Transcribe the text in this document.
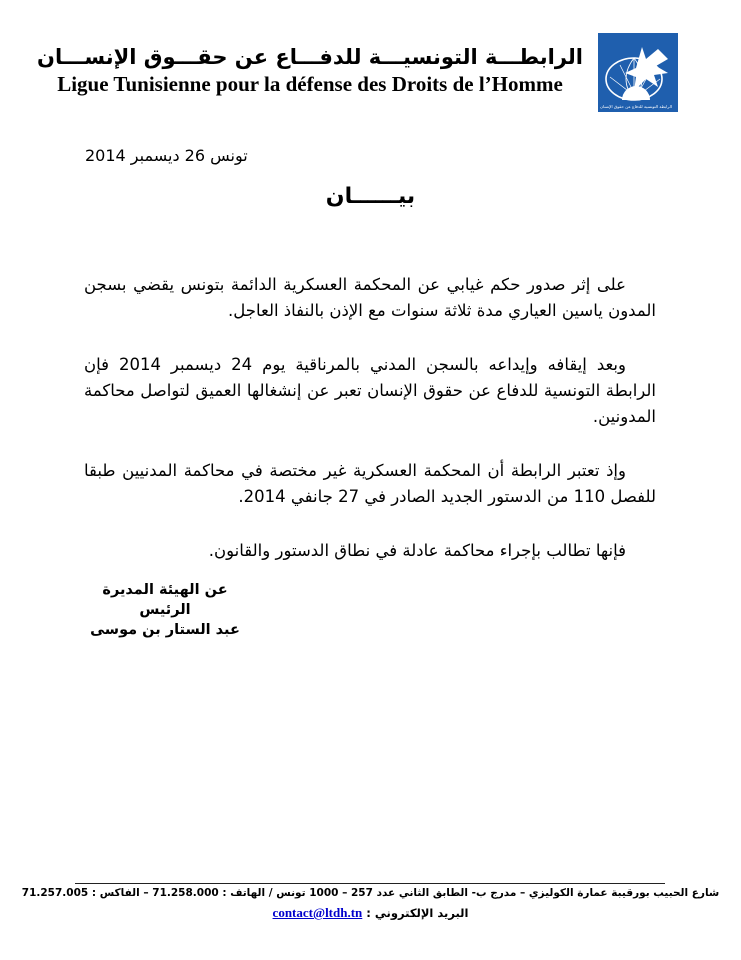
الرابطـــة التونسيـــة للدفـــاع عن حقـــوق الإنســـان
Ligue Tunisienne pour la défense des Droits de l’Homme
الرابطة التونسية للدفاع عن حقوق الإنسان
تونس 26 ديسمبر 2014
بيــــــان

على إثر صدور حكم غيابي عن المحكمة العسكرية الدائمة بتونس يقضي بسجن المدون ياسين العياري مدة ثلاثة سنوات مع الإذن بالنفاذ العاجل.

وبعد إيقافه وإيداعه بالسجن المدني بالمرناقية يوم 24 ديسمبر 2014 فإن الرابطة التونسية للدفاع عن حقوق الإنسان تعبر عن إنشغالها العميق لتواصل محاكمة المدونين.

وإذ تعتبر الرابطة أن المحكمة العسكرية غير مختصة في محاكمة المدنيين طبقا للفصل 110 من الدستور الجديد الصادر في 27 جانفي 2014.

فإنها تطالب بإجراء محاكمة عادلة في نطاق الدستور والقانون.

عن الهيئة المديرة
الرئيس
عبد الستار بن موسى
شارع الحبيب بورقيبة عمارة الكوليزي – مدرج ب- الطابق الثاني عدد 257 – 1000 تونس / الهاتف : 71.258.000 – الفاكس : 71.257.005
البريد الإلكتروني : contact@ltdh.tn
